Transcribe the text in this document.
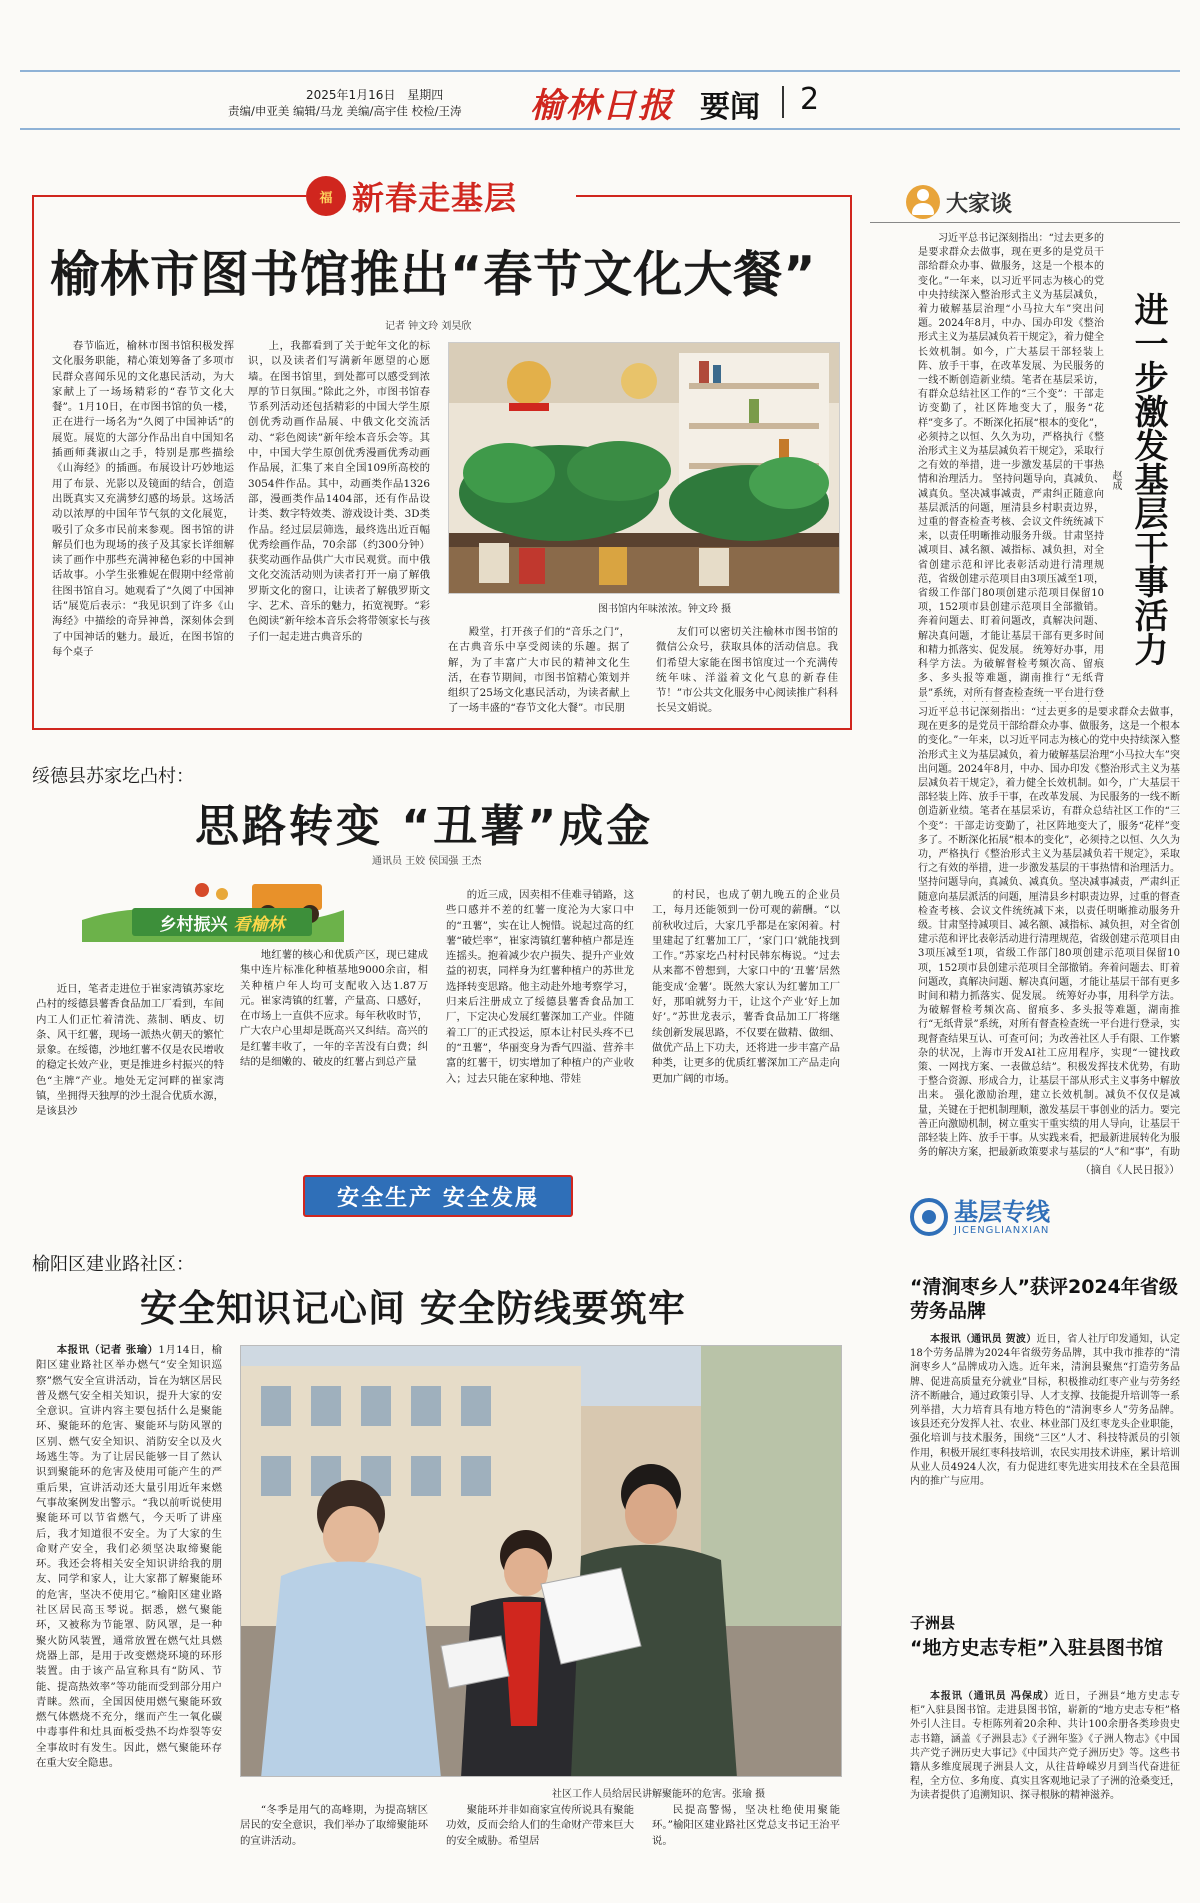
2025年1月16日 星期四
责编/申亚美 编辑/马龙 美编/高宇佳 校检/王涛 榆林日报 要闻 2
福 新春走基层
榆林市图书馆推出“春节文化大餐”
记者 钟文玲 刘昊欣

春节临近，榆林市图书馆积极发挥文化服务职能，精心策划筹备了多项市民群众喜闻乐见的文化惠民活动，为大家献上了一场场精彩的“春节文化大餐”。1月10日，在市图书馆的负一楼，正在进行一场名为“久阅了中国神话”的展览。展览的大部分作品出自中国知名插画师龚淑山之手，特别是那些描绘《山海经》的插画。布展设计巧妙地运用了布景、光影以及镜面的结合，创造出既真实又充满梦幻感的场景。这场活动以浓厚的中国年节气氛的文化展览，吸引了众多市民前来参观。图书馆的讲解员们也为现场的孩子及其家长详细解读了画作中那些充满神秘色彩的中国神话故事。小学生张雅妮在假期中经常前往图书馆自习。她观看了“久阅了中国神话”展览后表示：“我见识到了许多《山海经》中描绘的奇异神兽，深刻体会到了中国神话的魅力。最近，在图书馆的每个桌子

上，我都看到了关于蛇年文化的标识，以及读者们写满新年愿望的心愿墙。在图书馆里，到处都可以感受到浓厚的节日氛围。”除此之外，市图书馆春节系列活动还包括精彩的中国大学生原创优秀动画作品展、中俄文化交流活动、“彩色阅读”新年绘本音乐会等。其中，中国大学生原创优秀漫画优秀动画作品展，汇集了来自全国109所高校的3054件作品。其中，动画类作品1326部，漫画类作品1404部，还有作品设计类、数字特效类、游戏设计类、3D类作品。经过层层筛选，最终选出近百幅优秀绘画作品，70余部（约300分钟）获奖动画作品供广大市民观赏。而中俄文化交流活动则为读者打开一扇了解俄罗斯文化的窗口，让读者了解俄罗斯文字、艺术、音乐的魅力，拓宽视野。“彩色阅读”新年绘本音乐会将带领家长与孩子们一起走进古典音乐的

图书馆内年味浓浓。钟文玲 摄

殿堂，打开孩子们的“音乐之门”，在古典音乐中享受阅读的乐趣。据了解，为了丰富广大市民的精神文化生活，在春节期间，市图书馆精心策划并组织了25场文化惠民活动，为读者献上了一场丰盛的“春节文化大餐”。市民朋

友们可以密切关注榆林市图书馆的微信公众号，获取具体的活动信息。我们希望大家能在图书馆度过一个充满传统年味、洋溢着文化气息的新春佳节！”市公共文化服务中心阅读推广科科长吴文娟说。

绥德县苏家圪凸村：
思路转变 “丑薯”成金
通讯员 王姣 侯国强 王杰
乡村振兴 看榆林

近日，笔者走进位于崔家湾镇苏家圪凸村的绥德县薯香食品加工厂看到，车间内工人们正忙着清洗、蒸制、晒皮、切条、风干红薯，现场一派热火朝天的繁忙景象。在绥德，沙地红薯不仅是农民增收的稳定长效产业，更是推进乡村振兴的特色“主牌”产业。地处无定河畔的崔家湾镇，坐拥得天独厚的沙土混合优质水源，是该县沙

地红薯的核心和优质产区，现已建成集中连片标准化种植基地9000余亩，相关种植户年人均可支配收入达1.87万元。崔家湾镇的红薯，产量高、口感好，在市场上一直供不应求。每年秋收时节，广大农户心里却是既高兴又纠结。高兴的是红薯丰收了，一年的辛苦没有白费；纠结的是细嫩的、破皮的红薯占到总产量

的近三成，因卖相不佳难寻销路，这些口感并不差的红薯一度沦为大家口中的“丑薯”，实在让人惋惜。说起过高的红薯“破烂率”，崔家湾镇红薯种植户都是连连摇头。抱着减少农户损失、提升产业效益的初衷，同样身为红薯种植户的苏世龙选择转变思路。他主动赴外地考察学习，归来后注册成立了绥德县薯香食品加工厂，下定决心发展红薯深加工产业。伴随着工厂的正式投运，原本让村民头疼不已的“丑薯”，华丽变身为香气四溢、营养丰富的红薯干，切实增加了种植户的产业收入；过去只能在家种地、带娃

的村民，也成了朝九晚五的企业员工，每月还能领到一份可观的薪酬。“以前秋收过后，大家几乎都是在家闲着。村里建起了红薯加工厂，‘家门口’就能找到工作。”苏家圪凸村村民韩东梅说。“过去从来都不曾想到，大家口中的‘丑薯’居然能变成‘金薯’。既然大家认为红薯加工厂好，那咱就努力干，让这个产业‘好上加好’。”苏世龙表示，薯香食品加工厂将继续创新发展思路，不仅要在做精、做细、做优产品上下功夫，还将进一步丰富产品种类，让更多的优质红薯深加工产品走向更加广阔的市场。

安全生产 安全发展
榆阳区建业路社区：
安全知识记心间 安全防线要筑牢

本报讯（记者 张瑜）1月14日，榆阳区建业路社区举办燃气“安全知识巡察”燃气安全宣讲活动，旨在为辖区居民普及燃气安全相关知识，提升大家的安全意识。宣讲内容主要包括什么是聚能环、聚能环的危害、聚能环与防风罩的区别、燃气安全知识、消防安全以及火场逃生等。为了让居民能够一目了然认识到聚能环的危害及使用可能产生的严重后果，宣讲活动还大量引用近年来燃气事故案例发出警示。“我以前听说使用聚能环可以节省燃气，今天听了讲座后，我才知道很不安全。为了大家的生命财产安全，我们必须坚决取缔聚能环。我还会将相关安全知识讲给我的朋友、同学和家人，让大家都了解聚能环的危害，坚决不使用它。”榆阳区建业路社区居民高玉琴说。据悉，燃气聚能环，又被称为节能罩、防风罩，是一种聚火防风装置，通常放置在燃气灶具燃烧器上部，是用于改变燃烧环境的环形装置。由于该产品宣称具有“防风、节能、提高热效率”等功能而受到部分用户青睐。然而，全国因使用燃气聚能环致燃气体燃烧不充分，继而产生一氧化碳中毒事件和灶具面板受热不均炸裂等安全事故时有发生。因此，燃气聚能环存在重大安全隐患。

社区工作人员给居民讲解聚能环的危害。张瑜 摄

“冬季是用气的高峰期，为提高辖区居民的安全意识，我们举办了取缔聚能环的宣讲活动。

聚能环并非如商家宣传所说具有聚能功效，反而会给人们的生命财产带来巨大的安全威胁。希望居

民提高警惕，坚决杜绝使用聚能环。”榆阳区建业路社区党总支书记王治平说。

大家谈
进一步激发基层干事活力
赵成

习近平总书记深刻指出：“过去更多的是要求群众去做事，现在更多的是党员干部给群众办事、做服务，这是一个根本的变化。”一年来，以习近平同志为核心的党中央持续深入整治形式主义为基层减负，着力破解基层治理“小马拉大车”突出问题。2024年8月，中办、国办印发《整治形式主义为基层减负若干规定》，着力健全长效机制。如今，广大基层干部轻装上阵、放手干事，在改革发展、为民服务的一线不断创造新业绩。笔者在基层采访，有群众总结社区工作的“三个变”：干部走访变勤了，社区阵地变大了，服务“花样”变多了。不断深化拓展“根本的变化”，必须持之以恒、久久为功，严格执行《整治形式主义为基层减负若干规定》，采取行之有效的举措，进一步激发基层的干事热情和治理活力。 坚持问题导向，真减负、减真负。坚决减事减责，严肃纠正随意向基层派活的问题，厘清县乡村职责边界，过重的督查检查考核、会议文件统统减下来，以责任明晰推动服务升级。甘肃坚持减项目、减名额、减指标、减负担，对全省创建示范和评比表彰活动进行清理规范，省级创建示范项目由3项压减至1项，省级工作部门80项创建示范项目保留10项，152项市县创建示范项目全部撤销。奔着问题去、盯着问题改，真解决问题、解决真问题，才能让基层干部有更多时间和精力抓落实、促发展。 统筹好办事，用科学方法。为破解督检考频次高、留痕多、多头报等难题，湖南推行“无纸背景”系统，对所有督查检查统一平台进行登

习近平总书记深刻指出：“过去更多的是要求群众去做事，现在更多的是党员干部给群众办事、做服务，这是一个根本的变化。”一年来，以习近平同志为核心的党中央持续深入整治形式主义为基层减负，着力破解基层治理“小马拉大车”突出问题。2024年8月，中办、国办印发《整治形式主义为基层减负若干规定》，着力健全长效机制。如今，广大基层干部轻装上阵、放手干事，在改革发展、为民服务的一线不断创造新业绩。笔者在基层采访，有群众总结社区工作的“三个变”：干部走访变勤了，社区阵地变大了，服务“花样”变多了。不断深化拓展“根本的变化”，必须持之以恒、久久为功，严格执行《整治形式主义为基层减负若干规定》，采取行之有效的举措，进一步激发基层的干事热情和治理活力。 坚持问题导向，真减负、减真负。坚决减事减责，严肃纠正随意向基层派活的问题，厘清县乡村职责边界，过重的督查检查考核、会议文件统统减下来，以责任明晰推动服务升级。甘肃坚持减项目、减名额、减指标、减负担，对全省创建示范和评比表彰活动进行清理规范，省级创建示范项目由3项压减至1项，省级工作部门80项创建示范项目保留10项，152项市县创建示范项目全部撤销。奔着问题去、盯着问题改，真解决问题、解决真问题，才能让基层干部有更多时间和精力抓落实、促发展。 统筹好办事，用科学方法。为破解督检考频次高、留痕多、多头报等难题，湖南推行“无纸背景”系统，对所有督查检查统一平台进行登录，实现督查结果互认、可查可问；为改善社区人手有限、工作繁杂的状况，上海市开发AI社工应用程序，实现“一键找政策、一网找方案、一表做总结”。积极发挥技术优势，有助于整合资源、形成合力，让基层干部从形式主义事务中解放出来。 强化激励治理，建立长效机制。减负不仅仅是减量，关键在于把机制理顺，激发基层干事创业的活力。要完善正向激励机制，树立重实干重实绩的用人导向，让基层干部轻装上阵、放手干事。从实践来看，把最新进展转化为服务的解决方案，把最新政策要求与基层的“人”和“事”，有助

（摘自《人民日报》）
基层专线
JICENGLIANXIAN
“清涧枣乡人”获评2024年省级劳务品牌

本报讯（通讯员 贺波）近日，省人社厅印发通知，认定18个劳务品牌为2024年省级劳务品牌，其中我市推荐的“清涧枣乡人”品牌成功入选。近年来，清涧县聚焦“打造劳务品牌、促进高质量充分就业”目标，积极推动红枣产业与劳务经济不断融合，通过政策引导、人才支撑、技能提升培训等一系列举措，大力培育具有地方特色的“清涧枣乡人”劳务品牌。该县还充分发挥人社、农业、林业部门及红枣龙头企业职能，强化培训与技术服务，围绕“三区”人才、科技特派员的引领作用，积极开展红枣科技培训，农民实用技术讲座，累计培训从业人员4924人次，有力促进红枣先进实用技术在全县范围内的推广与应用。

子洲县
“地方史志专柜”入驻县图书馆

本报讯（通讯员 冯保成）近日，子洲县“地方史志专柜”入驻县图书馆。走进县图书馆，崭新的“地方史志专柜”格外引人注目。专柜陈列着20余种、共计100余册各类珍贵史志书籍，涵盖《子洲县志》《子洲年鉴》《子洲人物志》《中国共产党子洲历史大事记》《中国共产党子洲历史》等。这些书籍从多维度展现子洲县人文，从往昔峥嵘岁月到当代奋进征程，全方位、多角度、真实且客观地记录了子洲的沧桑变迁，为读者提供了追溯知识、探寻根脉的精神滋养。
